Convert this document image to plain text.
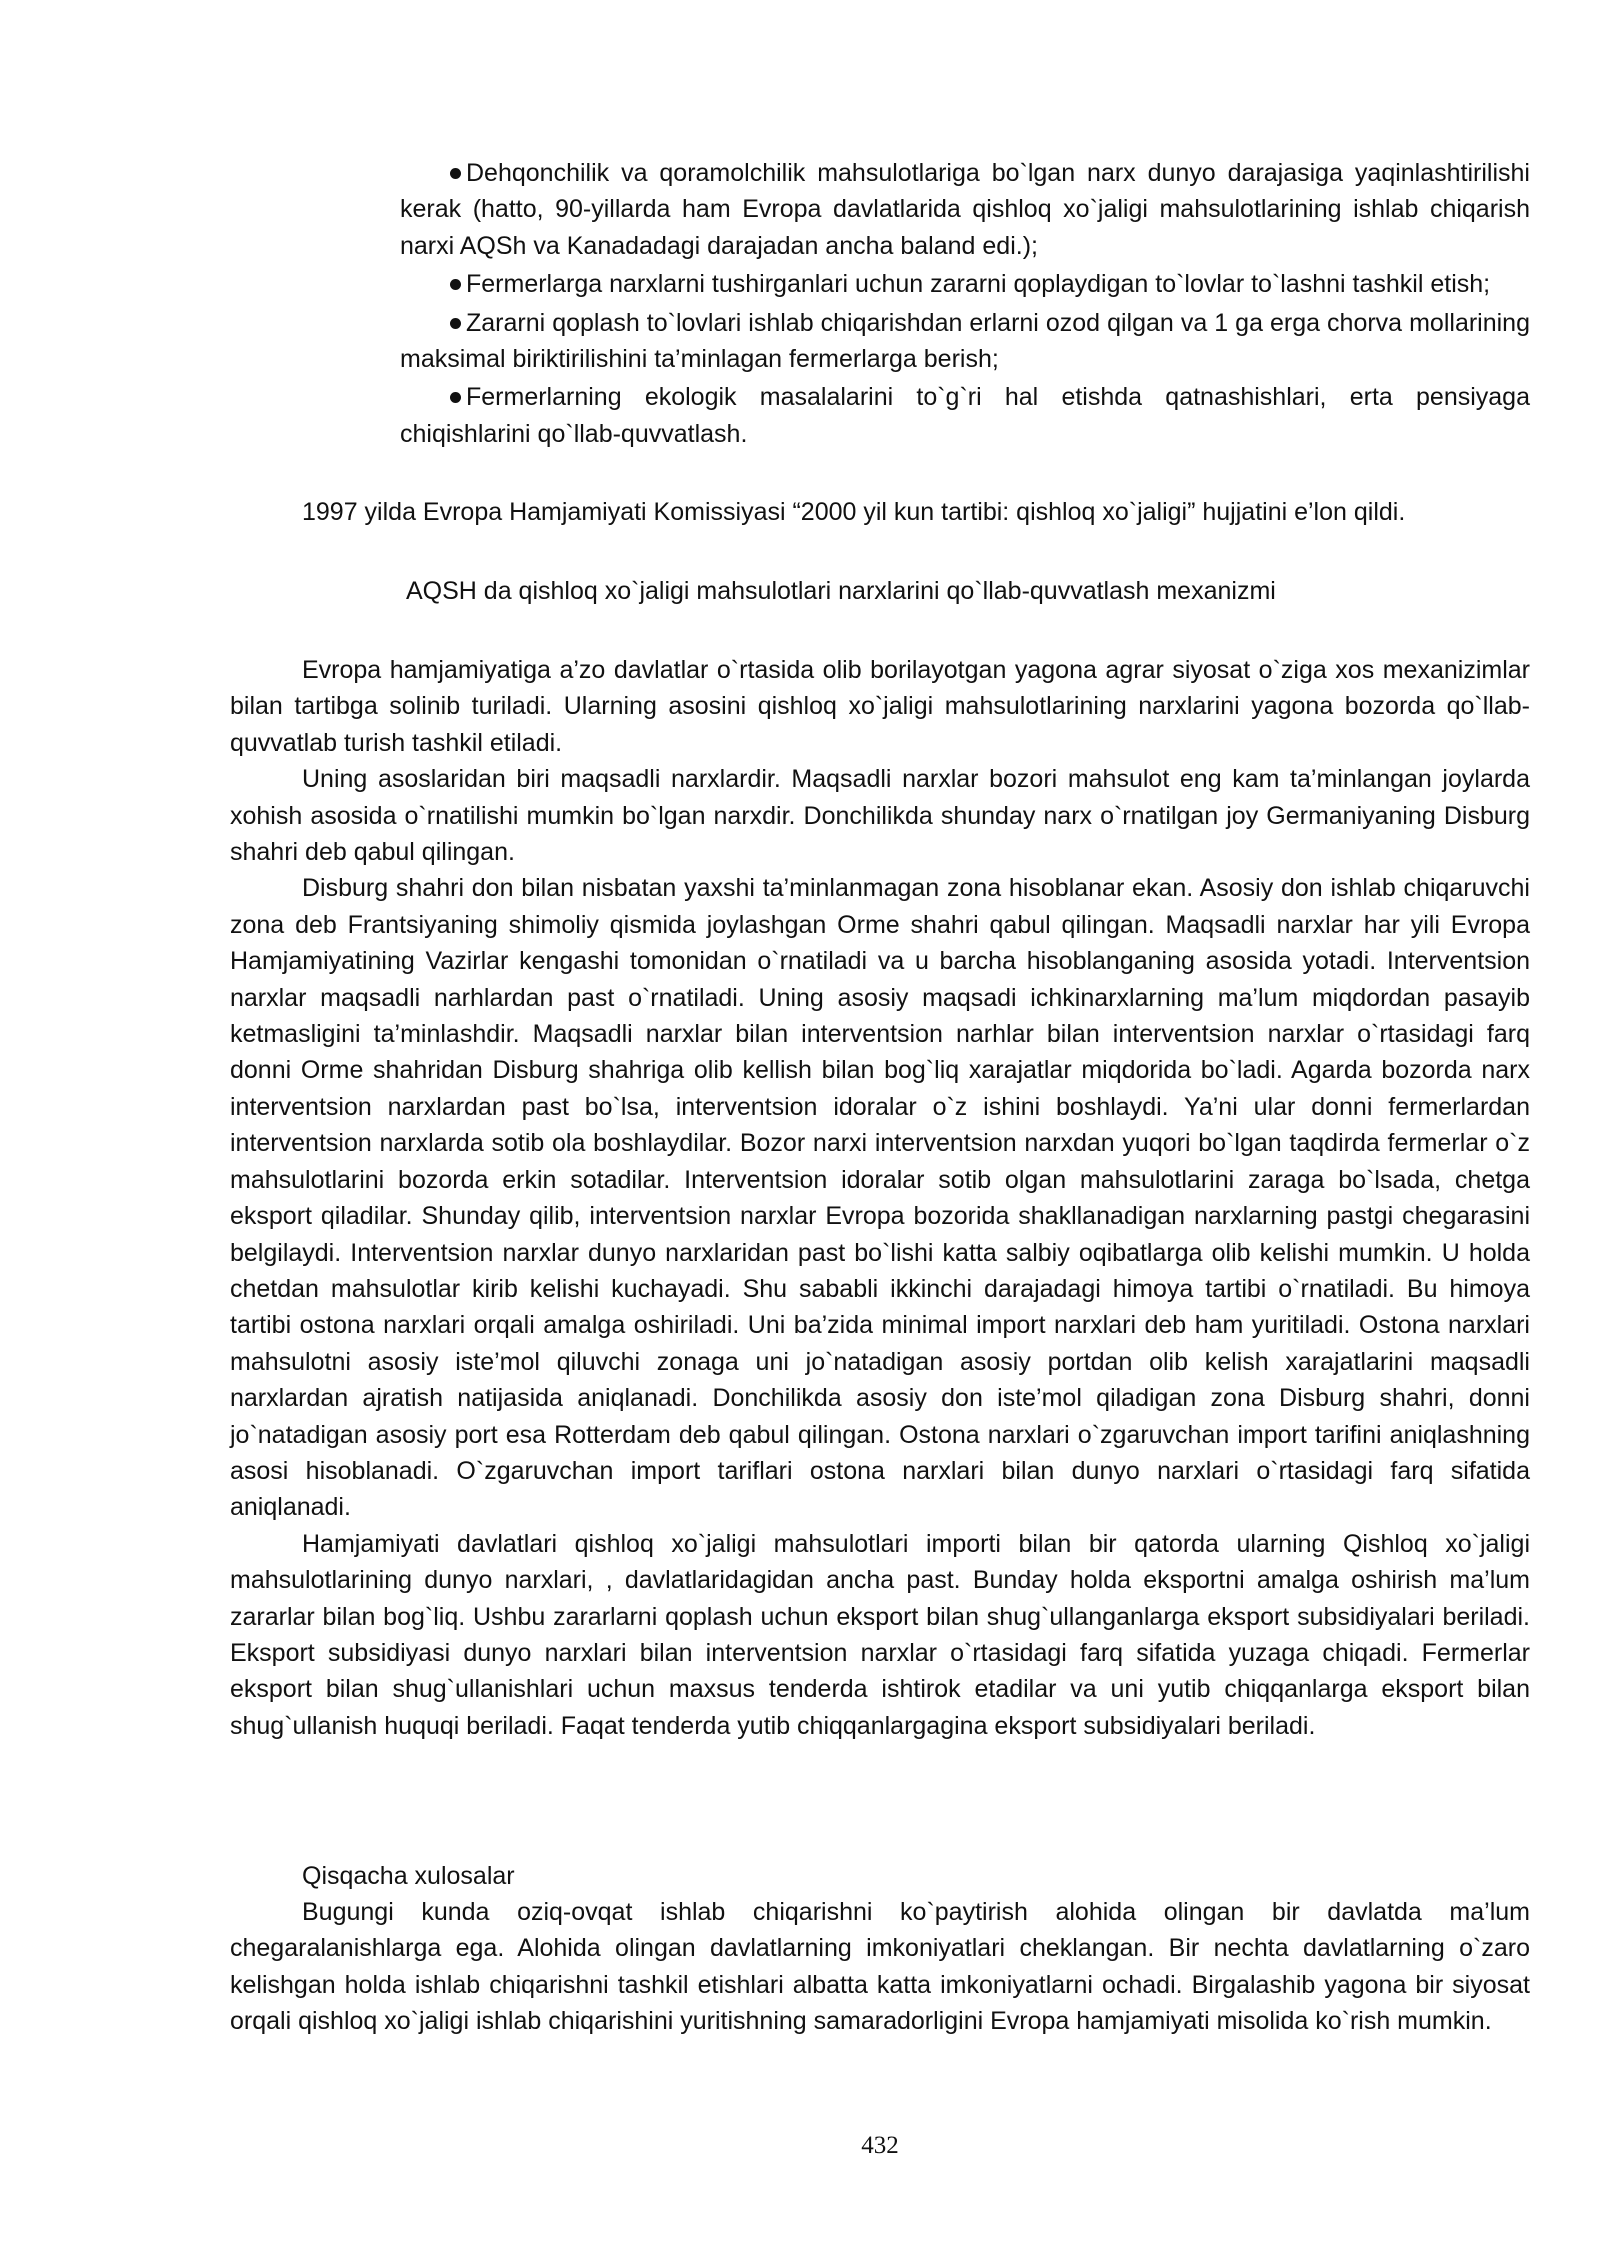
Dehqonchilik va qoramolchilik mahsulotlariga bo`lgan narx dunyo darajasiga yaqinlashtirilishi kerak (hatto, 90-yillarda ham Evropa davlatlarida qishloq xo`jaligi mahsulotlarining ishlab chiqarish narxi AQSh va Kanadadagi darajadan ancha baland edi.);

Fermerlarga narxlarni tushirganlari uchun zararni qoplaydigan to`lovlar to`lashni tashkil etish;

Zararni qoplash to`lovlari ishlab chiqarishdan erlarni ozod qilgan va 1 ga erga chorva mollarining maksimal biriktirilishini ta’minlagan fermerlarga berish;

Fermerlarning ekologik masalalarini to`g`ri hal etishda qatnashishlari, erta pensiyaga chiqishlarini qo`llab-quvvatlash.

1997 yilda Evropa Hamjamiyati Komissiyasi “2000 yil kun tartibi: qishloq xo`jaligi” hujjatini e’lon qildi.

AQSH da qishloq xo`jaligi mahsulotlari narxlarini qo`llab-quvvatlash mexanizmi

Evropa hamjamiyatiga a’zo davlatlar o`rtasida olib borilayotgan yagona agrar siyosat o`ziga xos mexanizimlar bilan tartibga solinib turiladi. Ularning asosini qishloq xo`jaligi mahsulotlarining narxlarini yagona bozorda qo`llab-quvvatlab turish tashkil etiladi.

Uning asoslaridan biri maqsadli narxlardir. Maqsadli narxlar bozori mahsulot eng kam ta’minlangan joylarda xohish asosida o`rnatilishi mumkin bo`lgan narxdir. Donchilikda shunday narx o`rnatilgan joy Germaniyaning Disburg shahri deb qabul qilingan.

Disburg shahri don bilan nisbatan yaxshi ta’minlanmagan zona hisoblanar ekan. Asosiy don ishlab chiqaruvchi zona deb Frantsiyaning shimoliy qismida joylashgan Orme shahri qabul qilingan. Maqsadli narxlar har yili Evropa Hamjamiyatining Vazirlar kengashi tomonidan o`rnatiladi va u barcha hisoblanganing asosida yotadi. Interventsion narxlar maqsadli narhlardan past o`rnatiladi. Uning asosiy maqsadi ichkinarxlarning ma’lum miqdordan pasayib ketmasligini ta’minlashdir. Maqsadli narxlar bilan interventsion narhlar bilan interventsion narxlar o`rtasidagi farq donni Orme shahridan Disburg shahriga olib kellish bilan bog`liq xarajatlar miqdorida bo`ladi. Agarda bozorda narx interventsion narxlardan past bo`lsa, interventsion idoralar o`z ishini boshlaydi. Ya’ni ular donni fermerlardan interventsion narxlarda sotib ola boshlaydilar. Bozor narxi interventsion narxdan yuqori bo`lgan taqdirda fermerlar o`z mahsulotlarini bozorda erkin sotadilar. Interventsion idoralar sotib olgan mahsulotlarini zaraga bo`lsada, chetga eksport qiladilar. Shunday qilib, interventsion narxlar Evropa bozorida shakllanadigan narxlarning pastgi chegarasini belgilaydi. Interventsion narxlar dunyo narxlaridan past bo`lishi katta salbiy oqibatlarga olib kelishi mumkin. U holda chetdan mahsulotlar kirib kelishi kuchayadi. Shu sababli ikkinchi darajadagi himoya tartibi o`rnatiladi. Bu himoya tartibi ostona narxlari orqali amalga oshiriladi. Uni ba’zida minimal import narxlari deb ham yuritiladi. Ostona narxlari mahsulotni asosiy iste’mol qiluvchi zonaga uni jo`natadigan asosiy portdan olib kelish xarajatlarini maqsadli narxlardan ajratish natijasida aniqlanadi. Donchilikda asosiy don iste’mol qiladigan zona Disburg shahri, donni jo`natadigan asosiy port esa Rotterdam deb qabul qilingan. Ostona narxlari o`zgaruvchan import tarifini aniqlashning asosi hisoblanadi. O`zgaruvchan import tariflari ostona narxlari bilan dunyo narxlari o`rtasidagi farq sifatida aniqlanadi.

Hamjamiyati davlatlari qishloq xo`jaligi mahsulotlari importi bilan bir qatorda ularning Qishloq xo`jaligi mahsulotlarining dunyo narxlari, , davlatlaridagidan ancha past. Bunday holda eksportni amalga oshirish ma’lum zararlar bilan bog`liq. Ushbu zararlarni qoplash uchun eksport bilan shug`ullanganlarga eksport subsidiyalari beriladi. Eksport subsidiyasi dunyo narxlari bilan interventsion narxlar o`rtasidagi farq sifatida yuzaga chiqadi. Fermerlar eksport bilan shug`ullanishlari uchun maxsus tenderda ishtirok etadilar va uni yutib chiqqanlarga eksport bilan shug`ullanish huquqi beriladi. Faqat tenderda yutib chiqqanlargagina eksport subsidiyalari beriladi.

Qisqacha xulosalar

Bugungi kunda oziq-ovqat ishlab chiqarishni ko`paytirish alohida olingan bir davlatda ma’lum chegaralanishlarga ega. Alohida olingan davlatlarning imkoniyatlari cheklangan. Bir nechta davlatlarning o`zaro kelishgan holda ishlab chiqarishni tashkil etishlari albatta katta imkoniyatlarni ochadi. Birgalashib yagona bir siyosat orqali qishloq xo`jaligi ishlab chiqarishini yuritishning samaradorligini Evropa hamjamiyati misolida ko`rish mumkin.

432
